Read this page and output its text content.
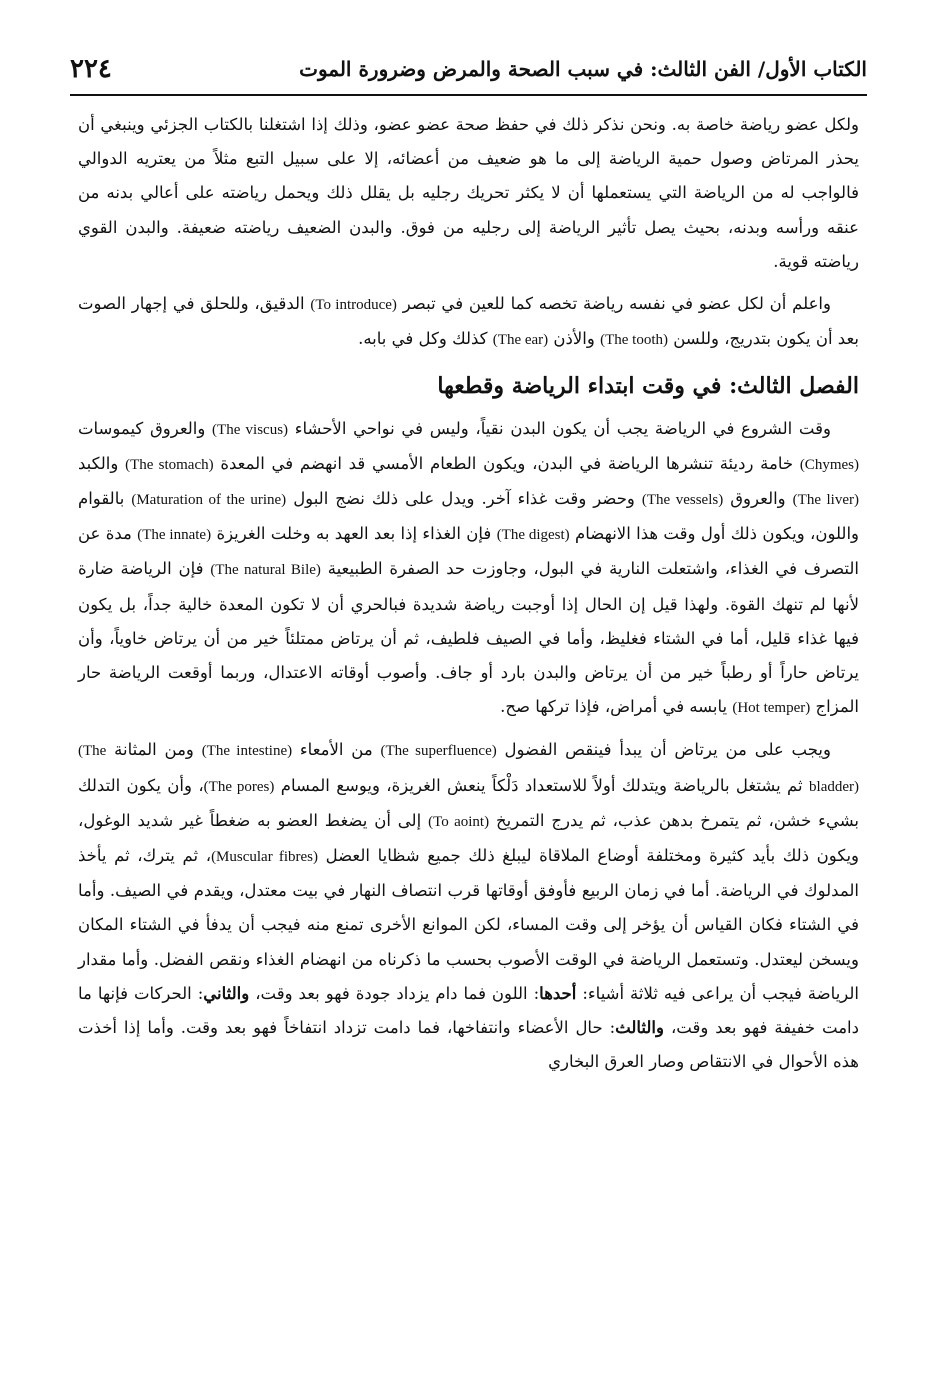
٢٢٤	الكتاب الأول/ الفن الثالث: في سبب الصحة والمرض وضرورة الموت

ولكل عضو رياضة خاصة به. ونحن نذكر ذلك في حفظ صحة عضو عضو، وذلك إذا اشتغلنا بالكتاب الجزئي وينبغي أن يحذر المرتاض وصول حمية الرياضة إلى ما هو ضعيف من أعضائه، إلا على سبيل التبع مثلاً من يعتريه الدوالي فالواجب له من الرياضة التي يستعملها أن لا يكثر تحريك رجليه بل يقلل ذلك ويحمل رياضته على أعالي بدنه من عنقه ورأسه وبدنه، بحيث يصل تأثير الرياضة إلى رجليه من فوق. والبدن الضعيف رياضته ضعيفة. والبدن القوي رياضته قوية.

واعلم أن لكل عضو في نفسه رياضة تخصه كما للعين في تبصر (To introduce) الدقيق، وللحلق في إجهار الصوت بعد أن يكون بتدريج، وللسن (The tooth) والأذن (The ear) كذلك وكل في بابه.

الفصل الثالث: في وقت ابتداء الرياضة وقطعها

وقت الشروع في الرياضة يجب أن يكون البدن نقياً، وليس في نواحي الأحشاء (The viscus) والعروق كيموسات (Chymes) خامة رديئة تنشرها الرياضة في البدن، ويكون الطعام الأمسي قد انهضم في المعدة (The stomach) والكبد (The liver) والعروق (The vessels) وحضر وقت غذاء آخر. ويدل على ذلك نضج البول (Maturation of the urine) بالقوام واللون، ويكون ذلك أول وقت هذا الانهضام (The digest) فإن الغذاء إذا بعد العهد به وخلت الغريزة (The innate) مدة عن التصرف في الغذاء، واشتعلت النارية في البول، وجاوزت حد الصفرة الطبيعية (The natural Bile) فإن الرياضة ضارة لأنها لم تنهك القوة. ولهذا قيل إن الحال إذا أوجبت رياضة شديدة فبالحري أن لا تكون المعدة خالية جداً، بل يكون فيها غذاء قليل، أما في الشتاء فغليظ، وأما في الصيف فلطيف، ثم أن يرتاض ممتلئاً خير من أن يرتاض خاوياً، وأن يرتاض حاراً أو رطباً خير من أن يرتاض والبدن بارد أو جاف. وأصوب أوقاته الاعتدال، وربما أوقعت الرياضة حار المزاج (Hot temper) يابسه في أمراض، فإذا تركها صح.

ويجب على من يرتاض أن يبدأ فينقص الفضول (The superfluence) من الأمعاء (The intestine) ومن المثانة (The bladder) ثم يشتغل بالرياضة ويتدلك أولاً للاستعداد دَلْكاً ينعش الغريزة، ويوسع المسام (The pores)، وأن يكون التدلك بشيء خشن، ثم يتمرخ بدهن عذب، ثم يدرج التمريخ (To aoint) إلى أن يضغط العضو به ضغطاً غير شديد الوغول، ويكون ذلك بأيد كثيرة ومختلفة أوضاع الملاقاة ليبلغ ذلك جميع شظايا العضل (Muscular fibres)، ثم يترك، ثم يأخذ المدلوك في الرياضة. أما في زمان الربيع فأوفق أوقاتها قرب انتصاف النهار في بيت معتدل، ويقدم في الصيف. وأما في الشتاء فكان القياس أن يؤخر إلى وقت المساء، لكن الموانع الأخرى تمنع منه فيجب أن يدفأ في الشتاء المكان ويسخن ليعتدل. وتستعمل الرياضة في الوقت الأصوب بحسب ما ذكرناه من انهضام الغذاء ونقص الفضل. وأما مقدار الرياضة فيجب أن يراعى فيه ثلاثة أشياء: أحدها: اللون فما دام يزداد جودة فهو بعد وقت، والثاني: الحركات فإنها ما دامت خفيفة فهو بعد وقت، والثالث: حال الأعضاء وانتفاخها، فما دامت تزداد انتفاخاً فهو بعد وقت. وأما إذا أخذت هذه الأحوال في الانتقاص وصار العرق البخاري
